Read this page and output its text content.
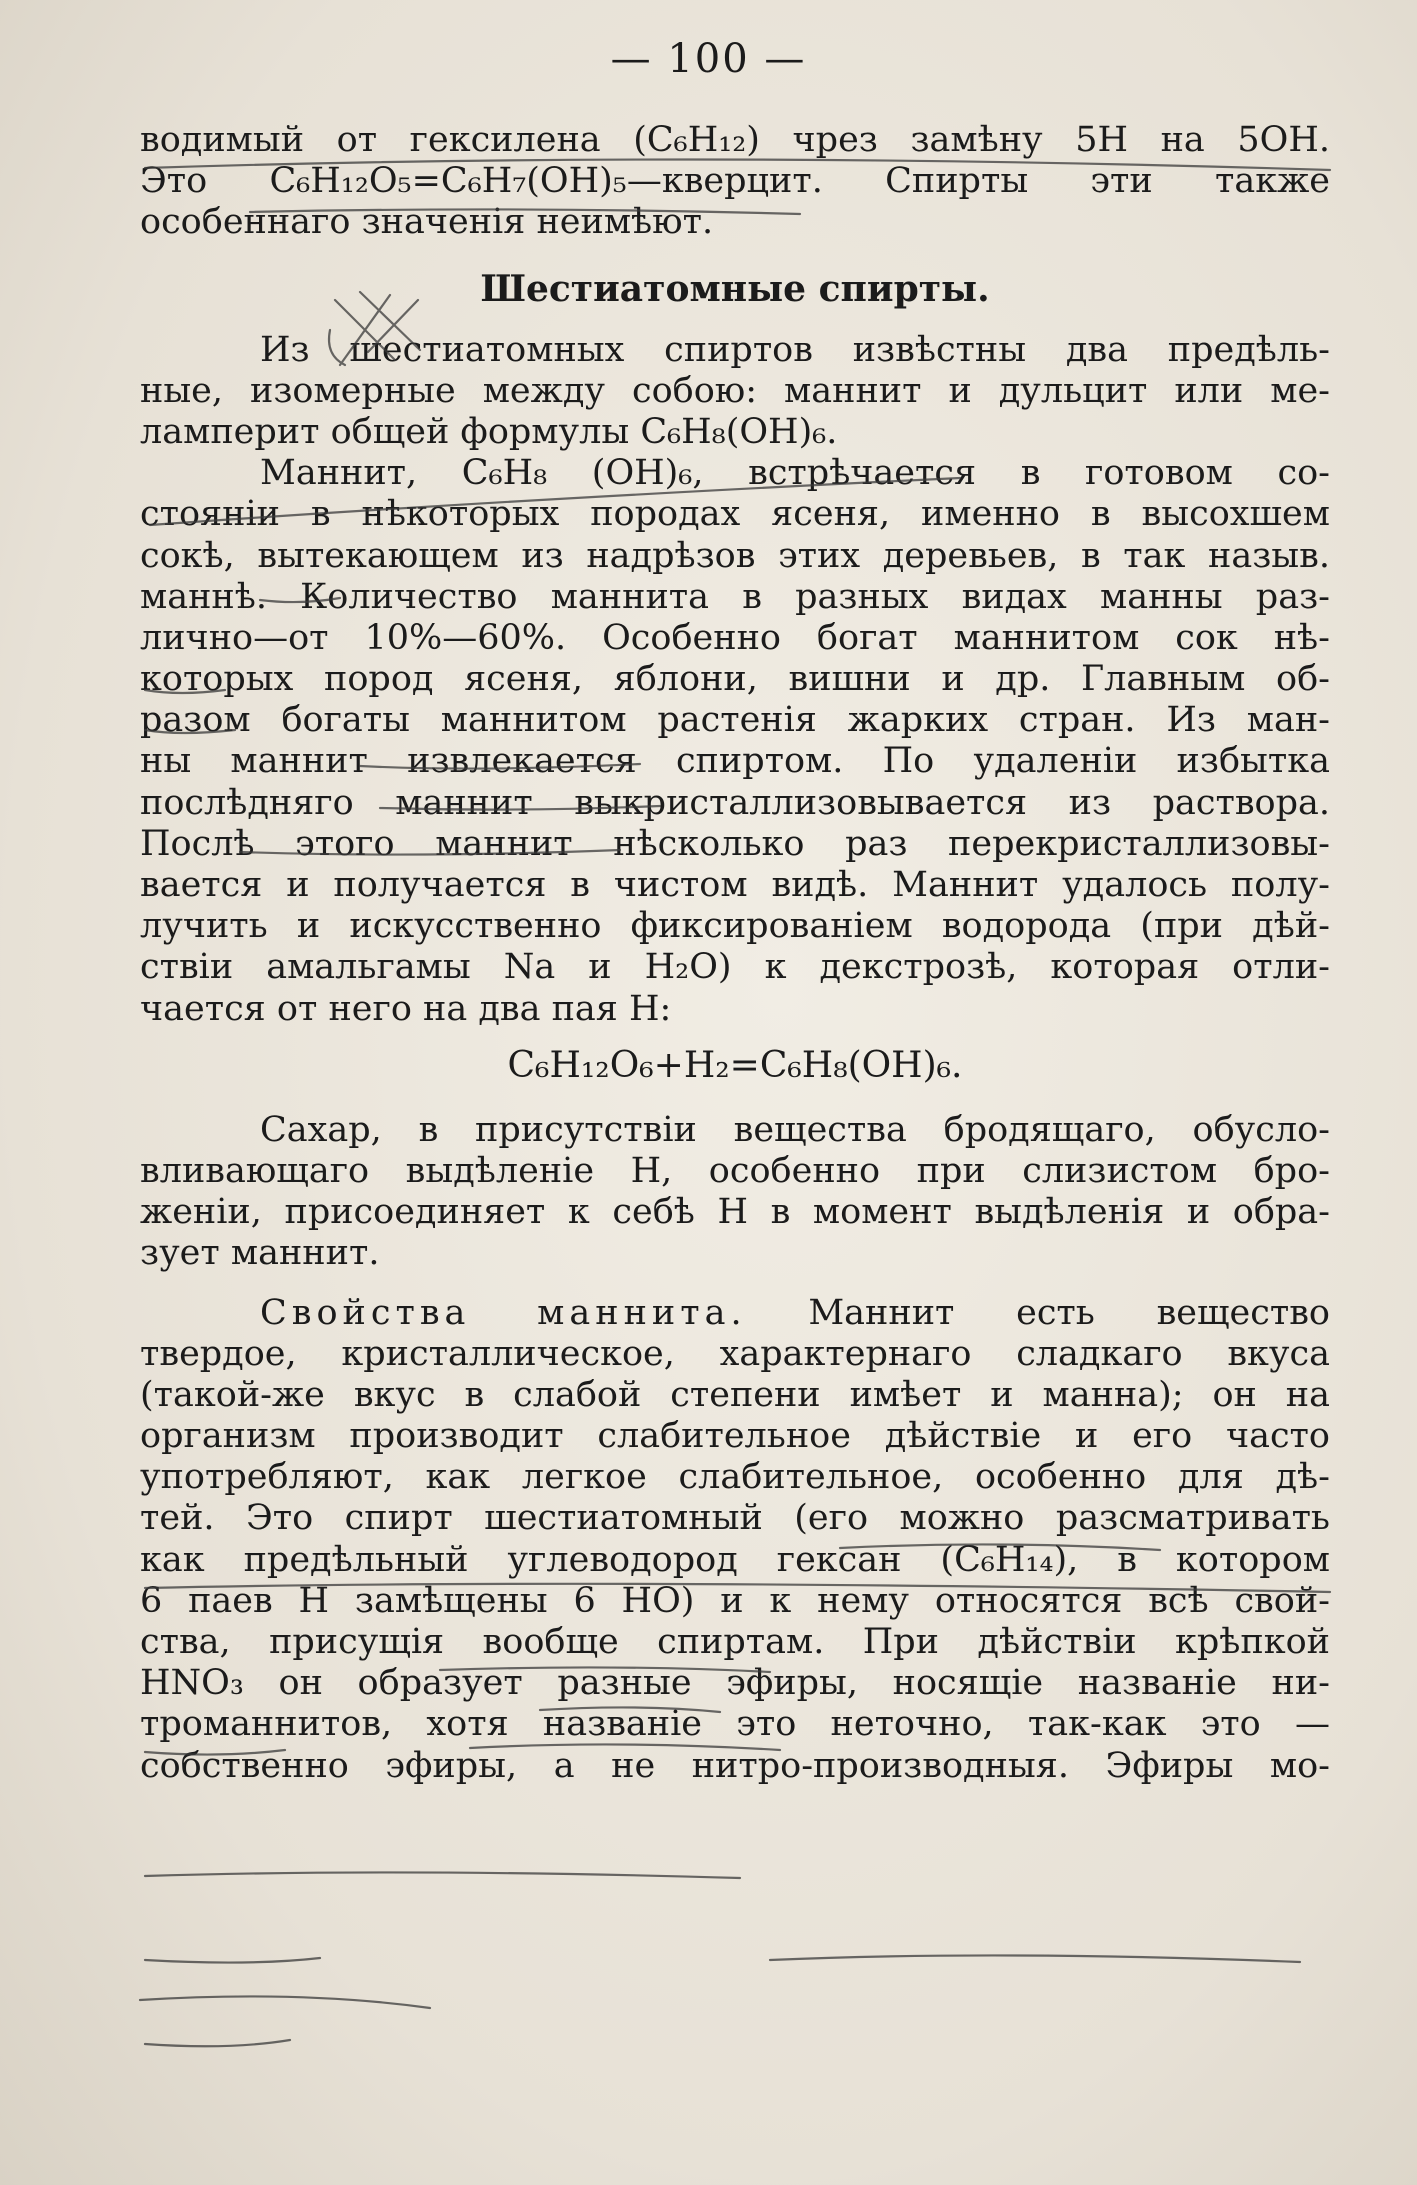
— 100 —
водимый от гексилена (C₆H₁₂) чрез замѣну 5H на 5OH.
Это C₆H₁₂O₅=C₆H₇(OH)₅—кверцит. Спирты эти также
особеннаго значенія неимѣют.
Шестиатомные спирты.
Из шестиатомных спиртов извѣстны два предѣль-
ные, изомерные между собою: маннит и дульцит или ме-
ламперит общей формулы C₆H₈(OH)₆.
Маннит, C₆H₈ (OH)₆, встрѣчается в готовом со-
стояніи в нѣкоторых породах ясеня, именно в высохшем
сокѣ, вытекающем из надрѣзов этих деревьев, в так назыв.
маннѣ. Количество маннита в разных видах манны раз-
лично—от 10%—60%. Особенно богат маннитом сок нѣ-
которых пород ясеня, яблони, вишни и др. Главным об-
разом богаты маннитом растенія жарких стран. Из ман-
ны маннит извлекается спиртом. По удаленіи избытка
послѣдняго маннит выкристаллизовывается из раствора.
Послѣ этого маннит нѣсколько раз перекристаллизовы-
вается и получается в чистом видѣ. Маннит удалось полу-
лучить и искусственно фиксированіем водорода (при дѣй-
ствіи амальгамы Na и H₂O) к декстрозѣ, которая отли-
чается от него на два пая H:
C₆H₁₂O₆+H₂=C₆H₈(OH)₆.
Сахар, в присутствіи вещества бродящаго, обусло-
вливающаго выдѣленіе H, особенно при слизистом бро-
женіи, присоединяет к себѣ H в момент выдѣленія и обра-
зует маннит.
Свойства маннита. Маннит есть вещество
твердое, кристаллическое, характернаго сладкаго вкуса
(такой-же вкус в слабой степени имѣет и манна); он на
организм производит слабительное дѣйствіе и его часто
употребляют, как легкое слабительное, особенно для дѣ-
тей. Это спирт шестиатомный (его можно разсматривать
как предѣльный углеводород гексан (C₆H₁₄), в котором
6 паев H замѣщены 6 HO) и к нему относятся всѣ свой-
ства, присущія вообще спиртам. При дѣйствіи крѣпкой
HNO₃ он образует разные эфиры, носящіе названіе ни-
троманнитов, хотя названіе это неточно, так-как это —
собственно эфиры, а не нитро-производныя. Эфиры мо-
